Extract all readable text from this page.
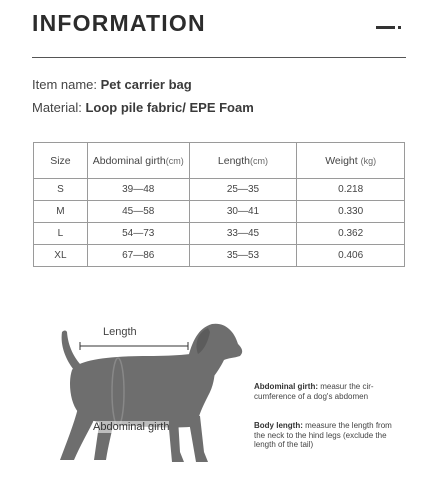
INFORMATION
Item name: Pet carrier bag
Material: Loop pile fabric/ EPE Foam
Size	Abdominal girth(cm)	Length(cm)	Weight (kg)
S	39—48	25—35	0.218
M	45—58	30—41	0.330
L	54—73	33—45	0.362
XL	67—86	35—53	0.406
Length
Abdominal girth
Abdominal girth: measur the cir-cumference of a dog's abdomen
Body length: measure the length from the neck to the hind legs (exclude the length of the tail)
